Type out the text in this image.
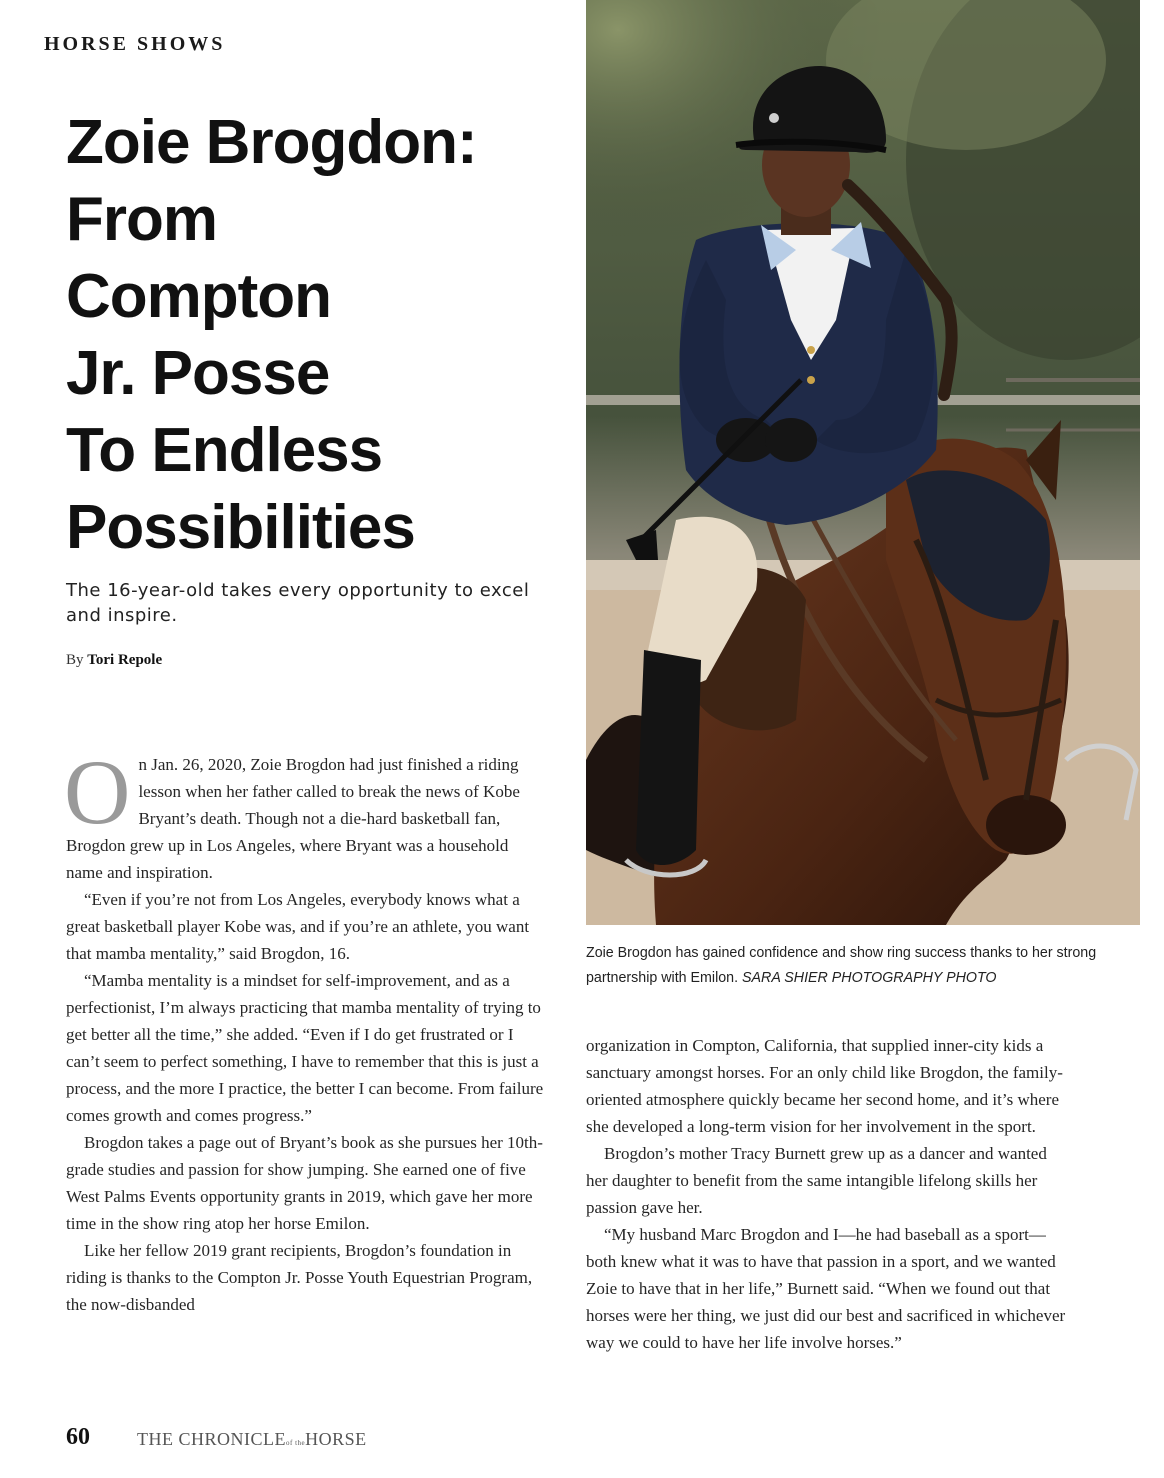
HORSE SHOWS
Zoie Brogdon:
From
Compton
Jr. Posse
To Endless
Possibilities

The 16-year-old takes every opportunity to excel and inspire.

By Tori Repole

On Jan. 26, 2020, Zoie Brogdon had just finished a riding lesson when her father called to break the news of Kobe Bryant’s death. Though not a die-hard basketball fan, Brogdon grew up in Los Angeles, where Bryant was a household name and inspiration.

“Even if you’re not from Los Angeles, everybody knows what a great basketball player Kobe was, and if you’re an athlete, you want that mamba mentality,” said Brogdon, 16.

“Mamba mentality is a mindset for self-improvement, and as a perfectionist, I’m always practicing that mamba mentality of trying to get better all the time,” she added. “Even if I do get frustrated or I can’t seem to perfect something, I have to remember that this is just a process, and the more I practice, the better I can become. From failure comes growth and comes progress.”

Brogdon takes a page out of Bryant’s book as she pursues her 10th-grade studies and passion for show jumping. She earned one of five West Palms Events opportunity grants in 2019, which gave her more time in the show ring atop her horse Emilon.

Like her fellow 2019 grant recipients, Brogdon’s foundation in riding is thanks to the Compton Jr. Posse Youth Equestrian Program, the now-disbanded

Zoie Brogdon has gained confidence and show ring success thanks to her strong partnership with Emilon. SARA SHIER PHOTOGRAPHY PHOTO

organization in Compton, California, that supplied inner-city kids a sanctuary amongst horses. For an only child like Brogdon, the family-oriented atmosphere quickly became her second home, and it’s where she developed a long-term vision for her involvement in the sport.

Brogdon’s mother Tracy Burnett grew up as a dancer and wanted her daughter to benefit from the same intangible lifelong skills her passion gave her.

“My husband Marc Brogdon and I—he had baseball as a sport—both knew what it was to have that passion in a sport, and we wanted Zoie to have that in her life,” Burnett said. “When we found out that horses were her thing, we just did our best and sacrificed in whichever way we could to have her life involve horses.”

60	THE CHRONICLEof theHORSE
